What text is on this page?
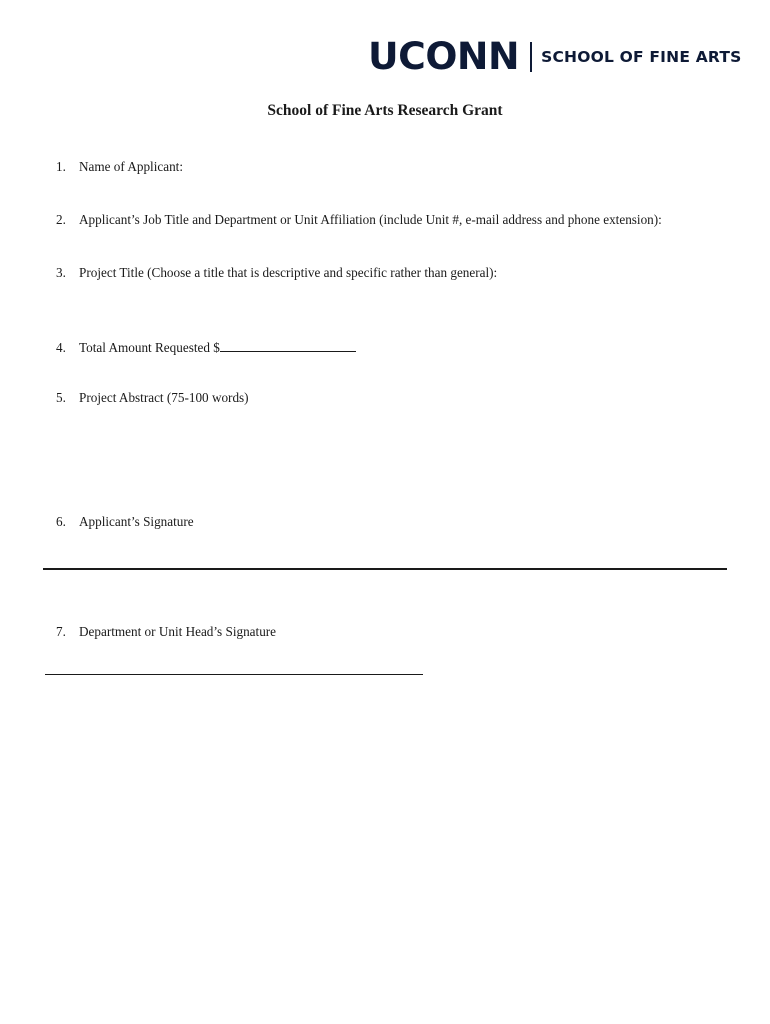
UCONN SCHOOL OF FINE ARTS
School of Fine Arts Research Grant
1. Name of Applicant:
2. Applicant’s Job Title and Department or Unit Affiliation (include Unit #, e-mail address and phone extension):
3. Project Title (Choose a title that is descriptive and specific rather than general):
4. Total Amount Requested $
5. Project Abstract (75-100 words)
6. Applicant’s Signature
7. Department or Unit Head’s Signature
